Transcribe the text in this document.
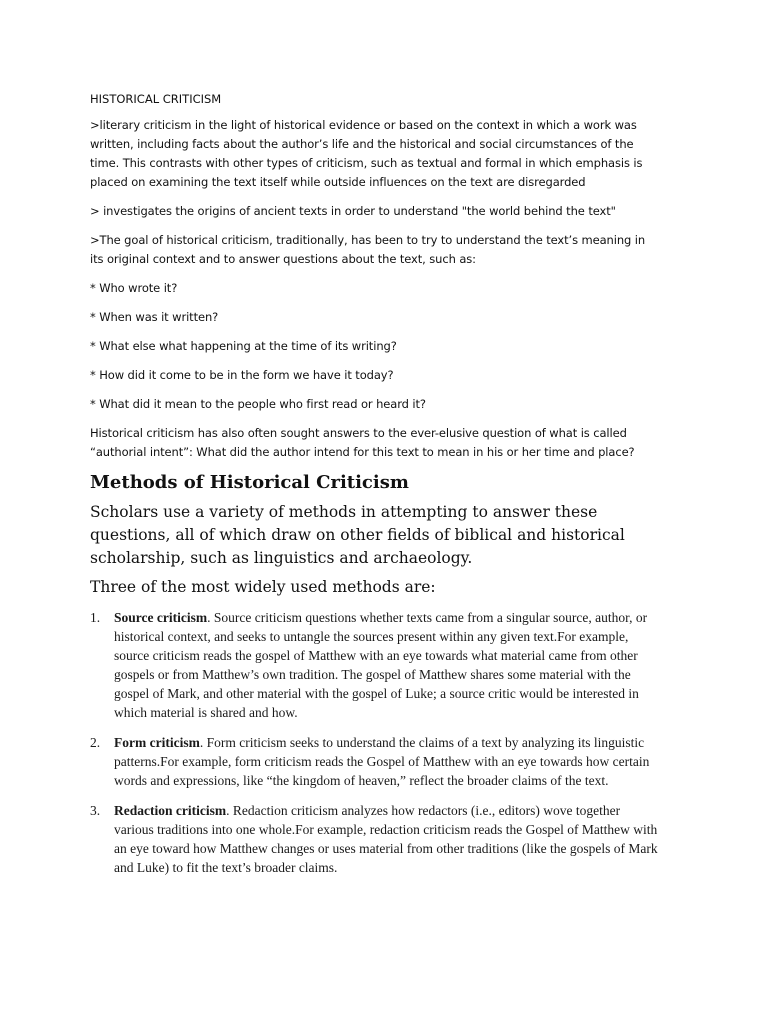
HISTORICAL CRITICISM

>literary criticism in the light of historical evidence or based on the context in which a work was written, including facts about the author’s life and the historical and social circumstances of the time. This contrasts with other types of criticism, such as textual and formal in which emphasis is placed on examining the text itself while outside influences on the text are disregarded

> investigates the origins of ancient texts in order to understand "the world behind the text"

>The goal of historical criticism, traditionally, has been to try to understand the text’s meaning in its original context and to answer questions about the text, such as:

* Who wrote it?

* When was it written?

* What else what happening at the time of its writing?

* How did it come to be in the form we have it today?

* What did it mean to the people who first read or heard it?

Historical criticism has also often sought answers to the ever-elusive question of what is called “authorial intent”: What did the author intend for this text to mean in his or her time and place?

Methods of Historical Criticism

Scholars use a variety of methods in attempting to answer these questions, all of which draw on other fields of biblical and historical scholarship, such as linguistics and archaeology.

Three of the most widely used methods are:

1. Source criticism. Source criticism questions whether texts came from a singular source, author, or historical context, and seeks to untangle the sources present within any given text.For example, source criticism reads the gospel of Matthew with an eye towards what material came from other gospels or from Matthew’s own tradition. The gospel of Matthew shares some material with the gospel of Mark, and other material with the gospel of Luke; a source critic would be interested in which material is shared and how.
2. Form criticism. Form criticism seeks to understand the claims of a text by analyzing its linguistic patterns.For example, form criticism reads the Gospel of Matthew with an eye towards how certain words and expressions, like “the kingdom of heaven,” reflect the broader claims of the text.
3. Redaction criticism. Redaction criticism analyzes how redactors (i.e., editors) wove together various traditions into one whole.For example, redaction criticism reads the Gospel of Matthew with an eye toward how Matthew changes or uses material from other traditions (like the gospels of Mark and Luke) to fit the text’s broader claims.
